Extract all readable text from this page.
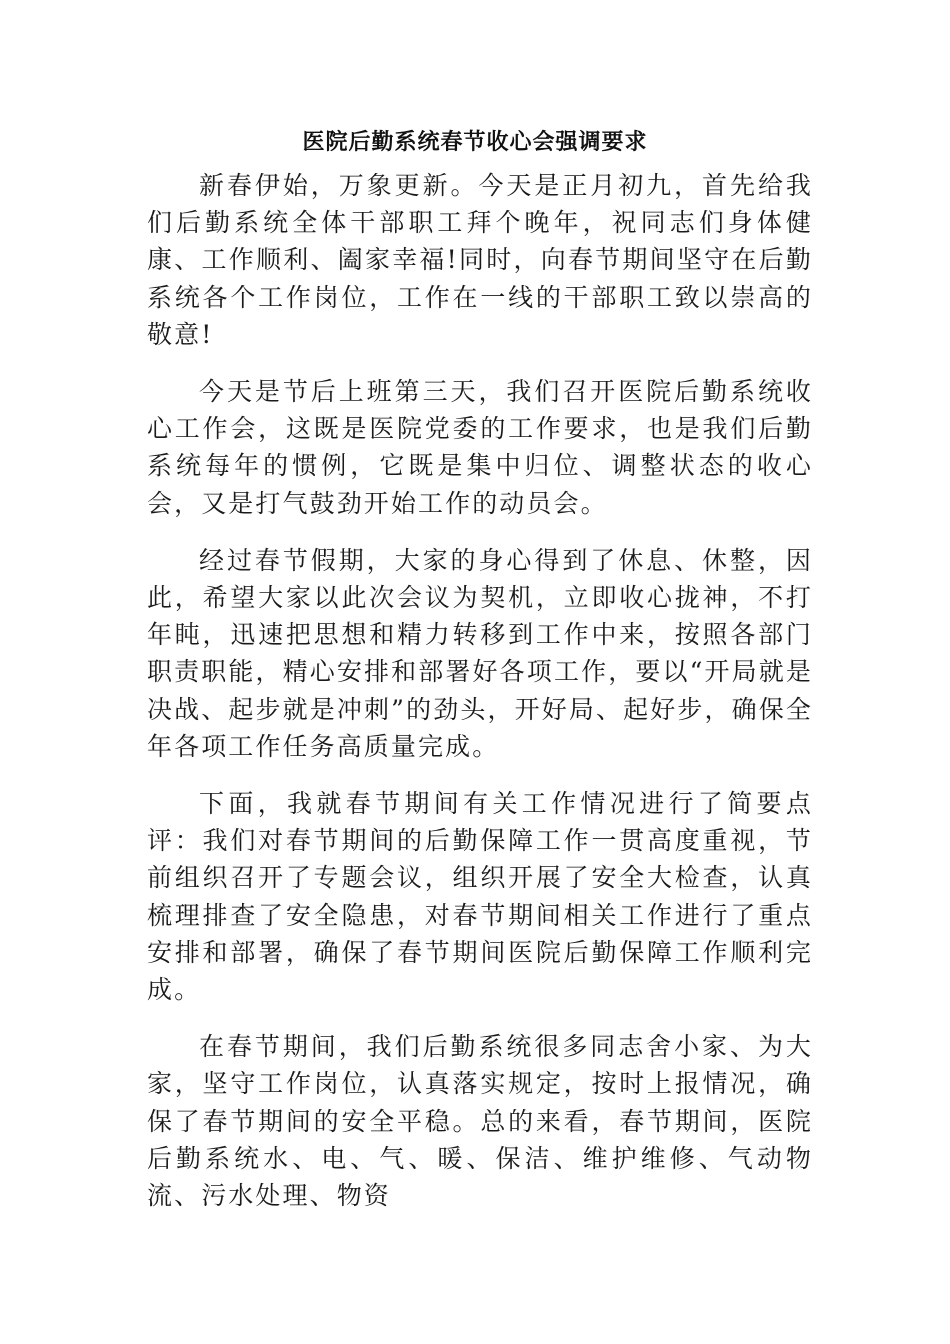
医院后勤系统春节收心会强调要求

新春伊始，万象更新。今天是正月初九，首先给我们后勤系统全体干部职工拜个晚年，祝同志们身体健康、工作顺利、阖家幸福!同时，向春节期间坚守在后勤系统各个工作岗位，工作在一线的干部职工致以崇高的敬意!

今天是节后上班第三天，我们召开医院后勤系统收心工作会，这既是医院党委的工作要求，也是我们后勤系统每年的惯例，它既是集中归位、调整状态的收心会，又是打气鼓劲开始工作的动员会。

经过春节假期，大家的身心得到了休息、休整，因此，希望大家以此次会议为契机，立即收心拢神，不打年盹，迅速把思想和精力转移到工作中来，按照各部门职责职能，精心安排和部署好各项工作，要以“开局就是决战、起步就是冲刺”的劲头，开好局、起好步，确保全年各项工作任务高质量完成。

下面，我就春节期间有关工作情况进行了简要点评：我们对春节期间的后勤保障工作一贯高度重视，节前组织召开了专题会议，组织开展了安全大检查，认真梳理排查了安全隐患，对春节期间相关工作进行了重点安排和部署，确保了春节期间医院后勤保障工作顺利完成。

在春节期间，我们后勤系统很多同志舍小家、为大家，坚守工作岗位，认真落实规定，按时上报情况，确保了春节期间的安全平稳。总的来看，春节期间，医院后勤系统水、电、气、暖、保洁、维护维修、气动物流、污水处理、物资
